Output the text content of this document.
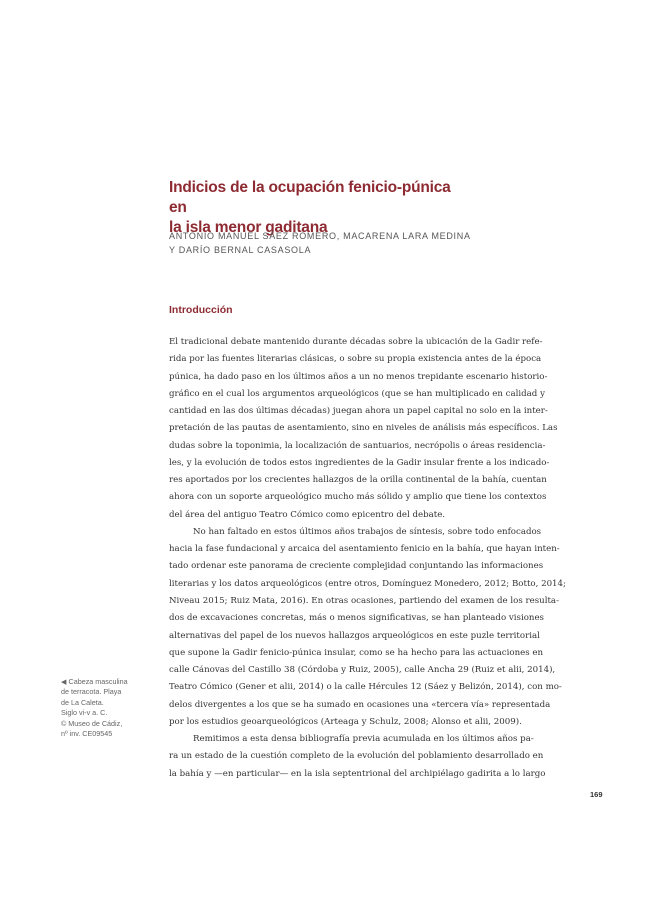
Indicios de la ocupación fenicio-púnica en
la isla menor gaditana
ANTONIO MANUEL SÁEZ ROMERO, MACARENA LARA MEDINA
Y DARÍO BERNAL CASASOLA
Introducción
El tradicional debate mantenido durante décadas sobre la ubicación de la Gadir refe-
rida por las fuentes literarias clásicas, o sobre su propia existencia antes de la época
púnica, ha dado paso en los últimos años a un no menos trepidante escenario historio-
gráfico en el cual los argumentos arqueológicos (que se han multiplicado en calidad y
cantidad en las dos últimas décadas) juegan ahora un papel capital no solo en la inter-
pretación de las pautas de asentamiento, sino en niveles de análisis más específicos. Las
dudas sobre la toponimia, la localización de santuarios, necrópolis o áreas residencia-
les, y la evolución de todos estos ingredientes de la Gadir insular frente a los indicado-
res aportados por los crecientes hallazgos de la orilla continental de la bahía, cuentan
ahora con un soporte arqueológico mucho más sólido y amplio que tiene los contextos
del área del antiguo Teatro Cómico como epicentro del debate.
No han faltado en estos últimos años trabajos de síntesis, sobre todo enfocados
hacia la fase fundacional y arcaica del asentamiento fenicio en la bahía, que hayan inten-
tado ordenar este panorama de creciente complejidad conjuntando las informaciones
literarias y los datos arqueológicos (entre otros, Domínguez Monedero, 2012; Botto, 2014;
Niveau 2015; Ruiz Mata, 2016). En otras ocasiones, partiendo del examen de los resulta-
dos de excavaciones concretas, más o menos significativas, se han planteado visiones
alternativas del papel de los nuevos hallazgos arqueológicos en este puzle territorial
que supone la Gadir fenicio-púnica insular, como se ha hecho para las actuaciones en
calle Cánovas del Castillo 38 (Córdoba y Ruiz, 2005), calle Ancha 29 (Ruiz et alii, 2014),
Teatro Cómico (Gener et alii, 2014) o la calle Hércules 12 (Sáez y Belizón, 2014), con mo-
delos divergentes a los que se ha sumado en ocasiones una «tercera vía» representada
por los estudios geoarqueológicos (Arteaga y Schulz, 2008; Alonso et alii, 2009).
Remitimos a esta densa bibliografía previa acumulada en los últimos años pa-
ra un estado de la cuestión completo de la evolución del poblamiento desarrollado en
la bahía y —en particular— en la isla septentrional del archipiélago gadirita a lo largo
◀ Cabeza masculina
de terracota. Playa
de La Caleta.
Siglo vi-v a. C.
© Museo de Cádiz,
nº inv. CE09545
169
